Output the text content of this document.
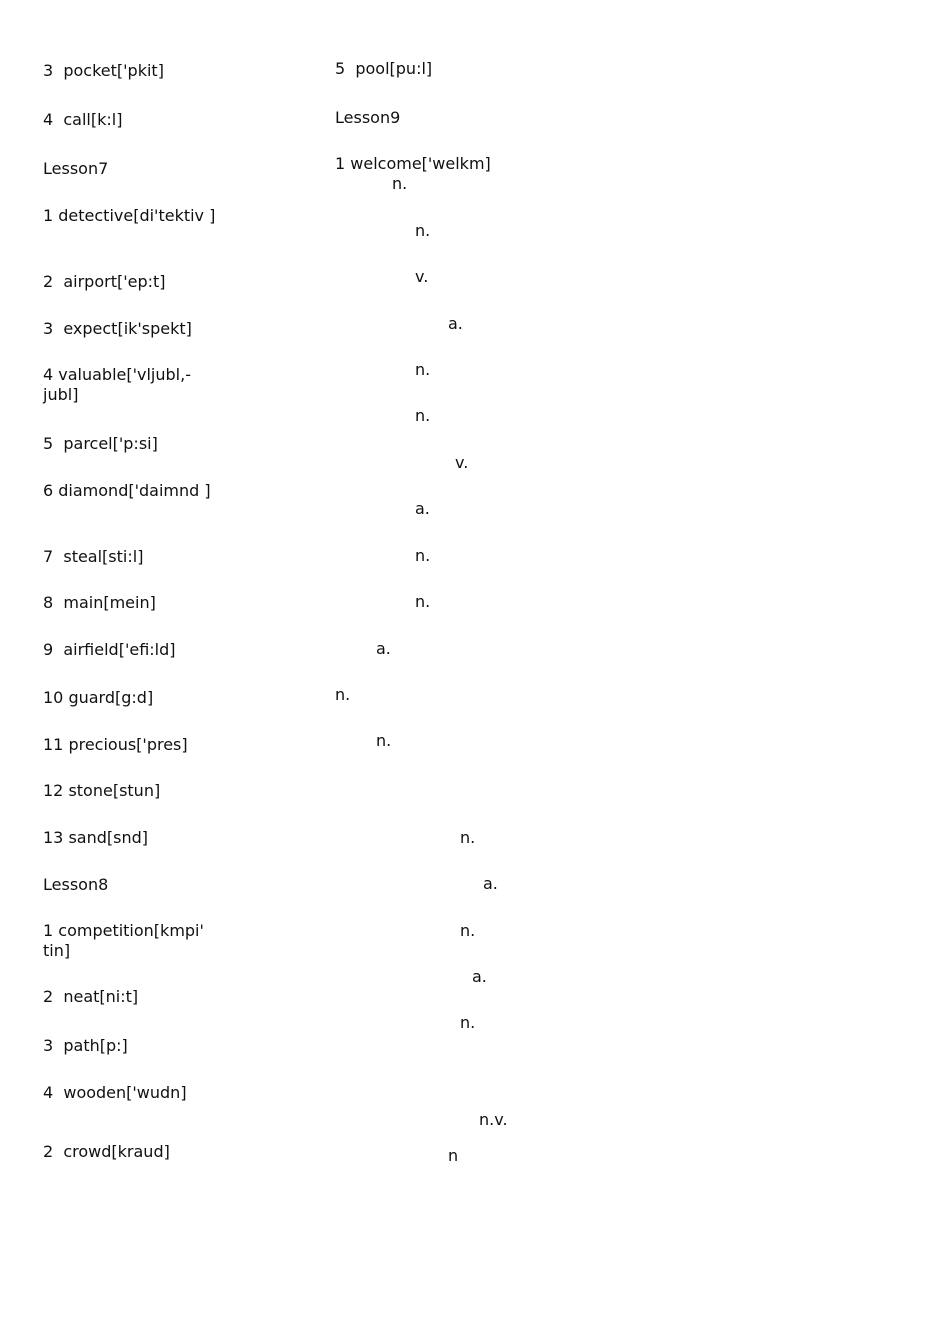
3  pocket['pkit]
4  call[k:l]
Lesson7
1 detective[di'tektiv ]
2  airport['ep:t]
3  expect[ik'spekt]
4 valuable['vljubl,-jubl]
5  parcel['p:si]
6 diamond['daimnd ]
7  steal[sti:l]
8  main[mein]
9  airfield['efi:ld]
10 guard[g:d]
11 precious['pres]
12 stone[stun]
13 sand[snd]
Lesson8
1 competition[kmpi' tin]
2  neat[ni:t]
3  path[p:]
4  wooden['wudn]
2  crowd[kraud]
5  pool[pu:l]
Lesson9
1 welcome['welkm]
n.
n.
v.
a.
n.
n.
v.
a.
n.
n.
a.
n.
n.
n.
a.
n.
a.
n.
n.v.
n
